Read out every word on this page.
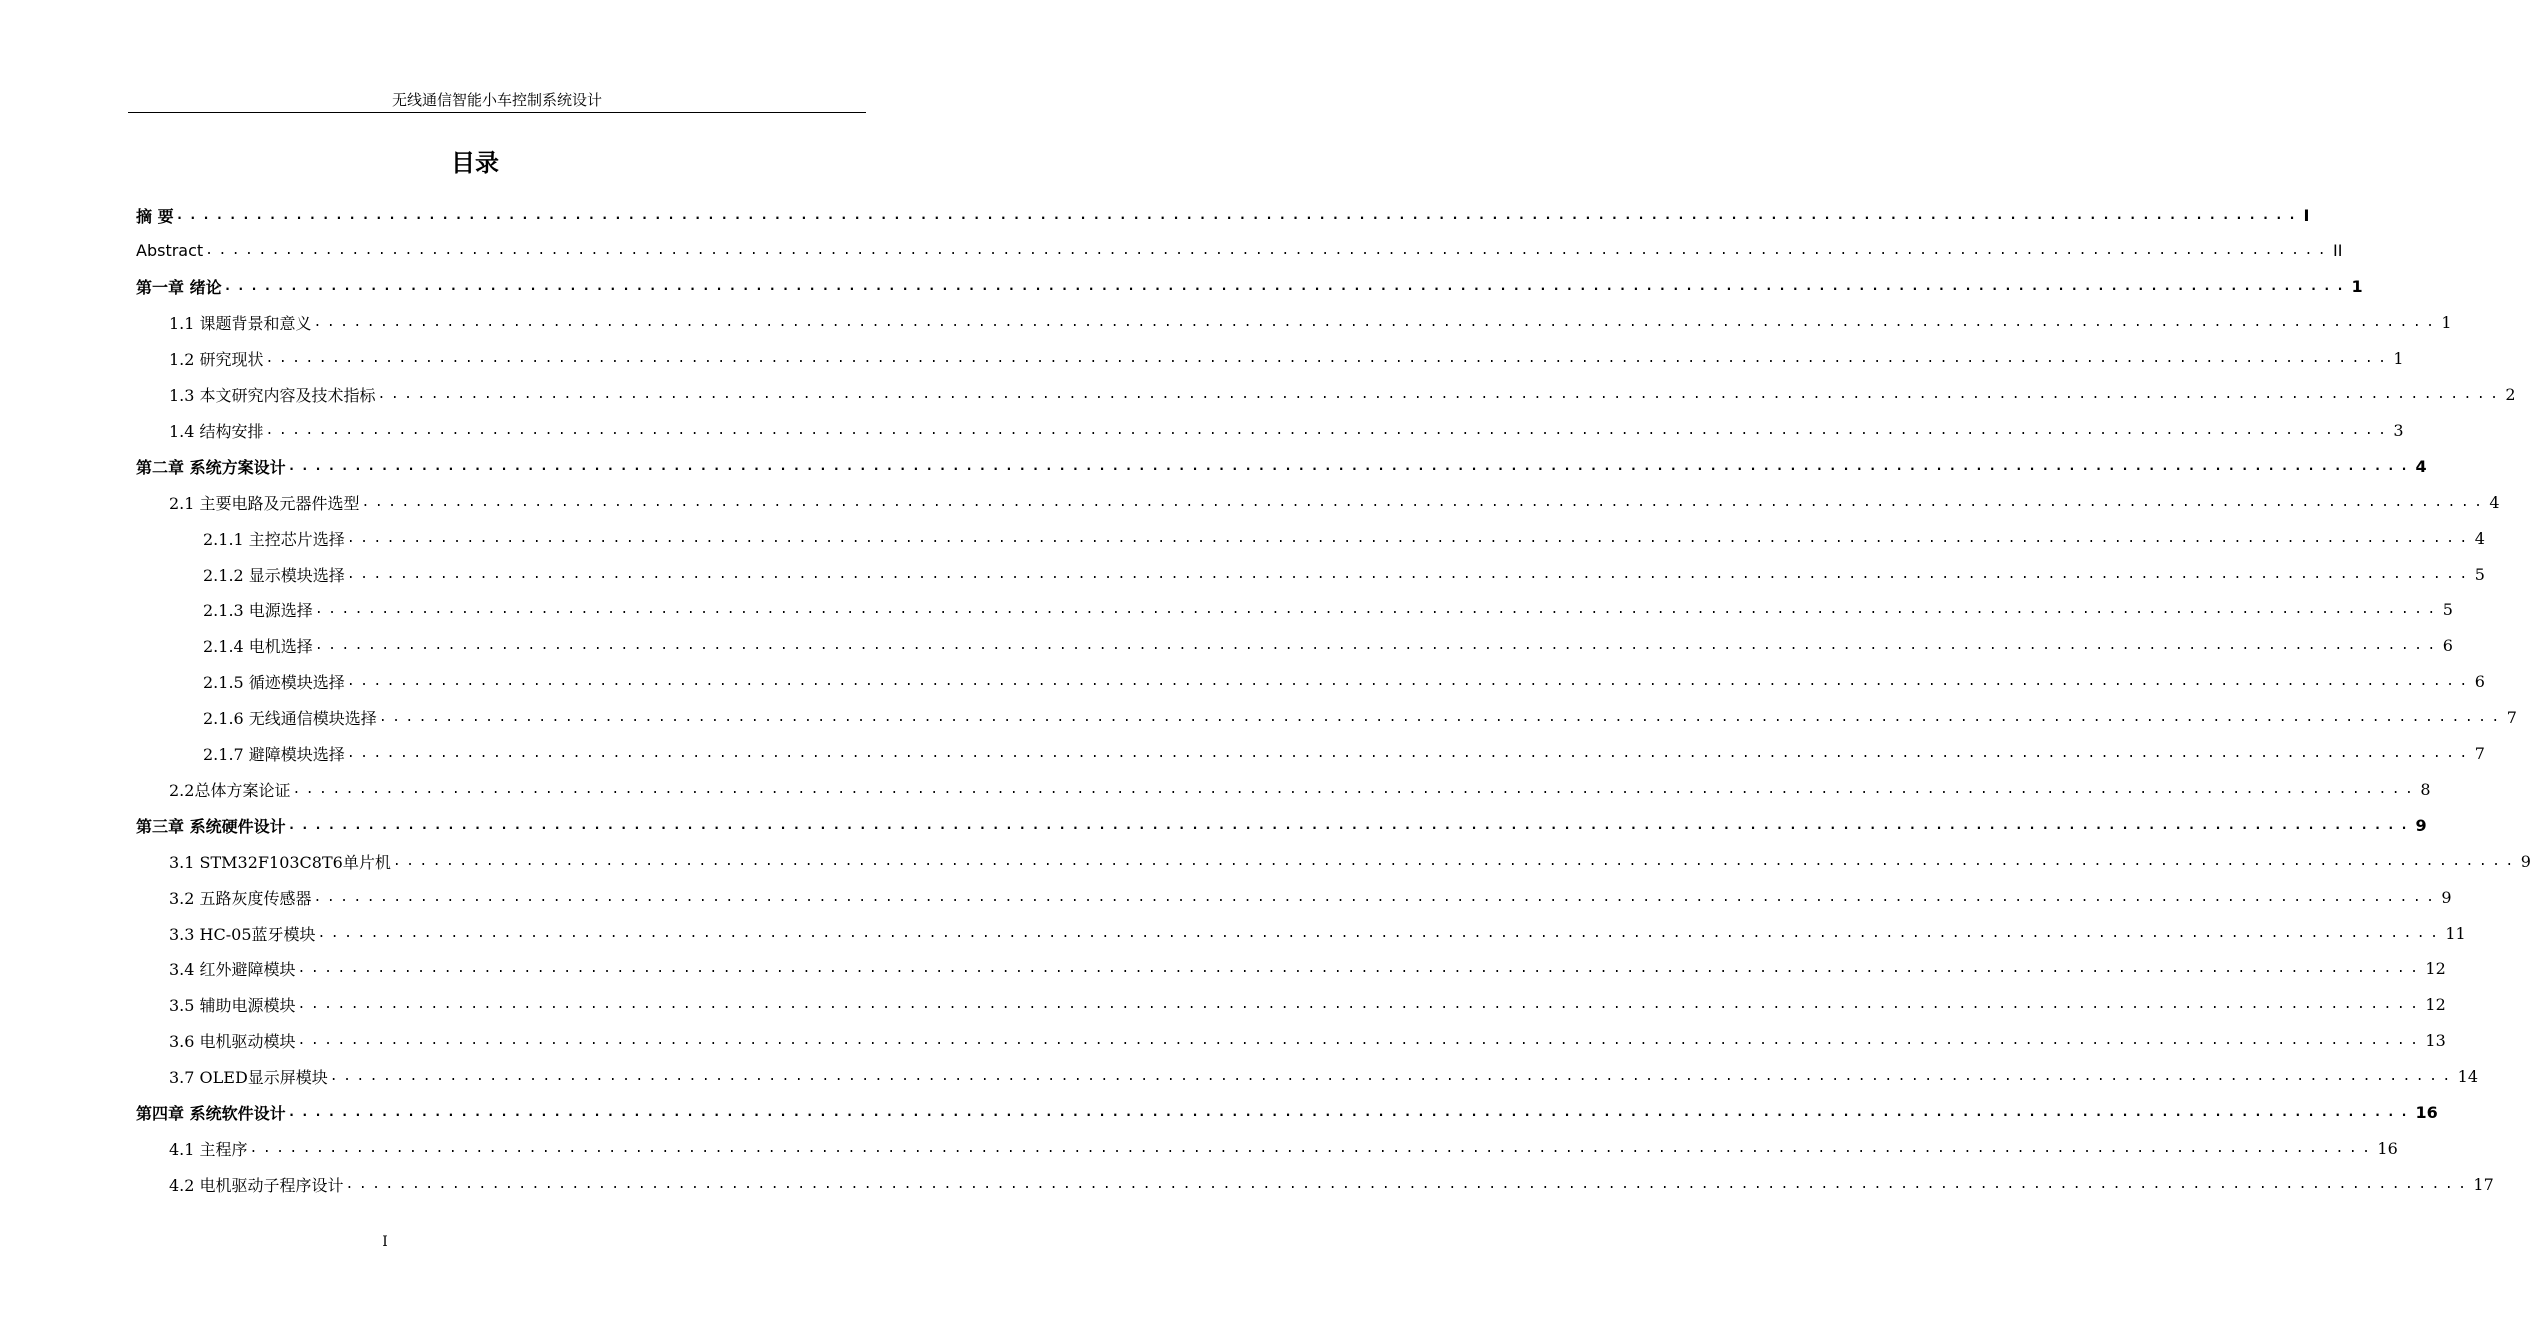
无线通信智能小车控制系统设计
目录
摘 要 ................................................................................................................................................................ I
Abstract ................................................................................................................................................................ II
第一章 绪论 ................................................................................................................................................................ 1
1.1 课题背景和意义 ................................................................................................................................................................ 1
1.2 研究现状 ................................................................................................................................................................ 1
1.3 本文研究内容及技术指标 ................................................................................................................................................................ 2
1.4 结构安排 ................................................................................................................................................................ 3
第二章 系统方案设计 ................................................................................................................................................................ 4
2.1 主要电路及元器件选型 ................................................................................................................................................................ 4
2.1.1 主控芯片选择 ................................................................................................................................................................ 4
2.1.2 显示模块选择 ................................................................................................................................................................ 5
2.1.3 电源选择 ................................................................................................................................................................ 5
2.1.4 电机选择 ................................................................................................................................................................ 6
2.1.5 循迹模块选择 ................................................................................................................................................................ 6
2.1.6 无线通信模块选择 ................................................................................................................................................................ 7
2.1.7 避障模块选择 ................................................................................................................................................................ 7
2.2总体方案论证 ................................................................................................................................................................ 8
第三章 系统硬件设计 ................................................................................................................................................................ 9
3.1 STM32F103C8T6单片机 ................................................................................................................................................................ 9
3.2 五路灰度传感器 ................................................................................................................................................................ 9
3.3 HC-05蓝牙模块 ................................................................................................................................................................ 11
3.4 红外避障模块 ................................................................................................................................................................ 12
3.5 辅助电源模块 ................................................................................................................................................................ 12
3.6 电机驱动模块 ................................................................................................................................................................ 13
3.7 OLED显示屏模块 ................................................................................................................................................................ 14
第四章 系统软件设计 ................................................................................................................................................................ 16
4.1 主程序 ................................................................................................................................................................ 16
4.2 电机驱动子程序设计 ................................................................................................................................................................ 17
I
